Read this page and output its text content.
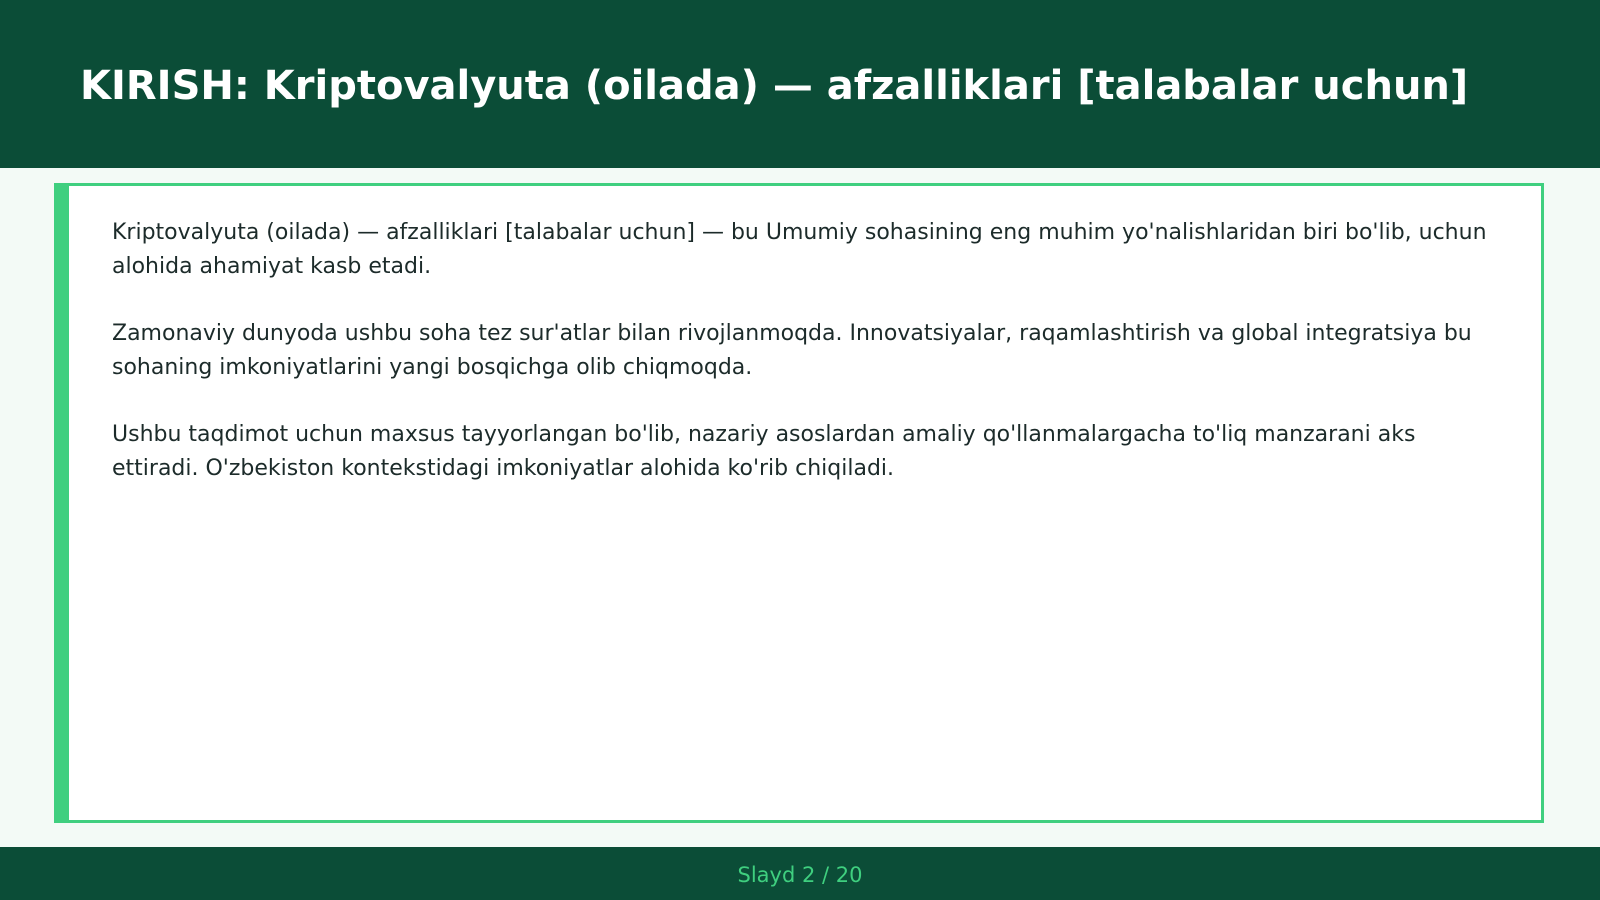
KIRISH: Kriptovalyuta (oilada) — afzalliklari [talabalar uchun]

Kriptovalyuta (oilada) — afzalliklari [talabalar uchun] — bu Umumiy sohasining eng muhim yo'nalishlaridan biri bo'lib, uchun alohida ahamiyat kasb etadi.

Zamonaviy dunyoda ushbu soha tez sur'atlar bilan rivojlanmoqda. Innovatsiyalar, raqamlashtirish va global integratsiya bu sohaning imkoniyatlarini yangi bosqichga olib chiqmoqda.

Ushbu taqdimot uchun maxsus tayyorlangan bo'lib, nazariy asoslardan amaliy qo'llanmalargacha to'liq manzarani aks ettiradi. O'zbekiston kontekstidagi imkoniyatlar alohida ko'rib chiqiladi.

Slayd 2 / 20
